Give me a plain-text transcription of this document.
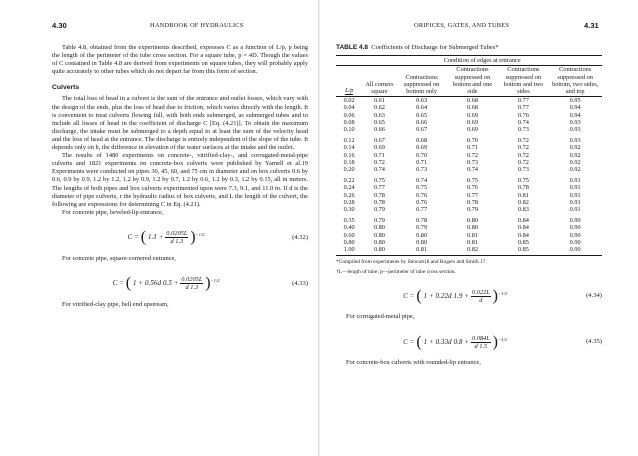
4.30	HANDBOOK OF HYDRAULICS

Table 4.8, obtained from the experiments described, expresses C as a function of L/p, p being the length of the perimeter of the tube cross section. For a square tube, p = 4D. Though the values of C contained in Table 4.8 are derived from experiments on square tubes, they will probably apply quite accurately to other tubes which do not depart far from this form of section.

Culverts

The total loss of head in a culvert is the sum of the entrance and outlet losses, which vary with the design of the ends, plus the loss of head due to friction, which varies directly with the length. It is convenient to treat culverts flowing full, with both ends submerged, as submerged tubes and to include all losses of head in the coefficient of discharge C [Eq. (4.21)]. To obtain the maximum discharge, the intake must be submerged to a depth equal to at least the sum of the velocity head and the loss of head at the entrance. The discharge is entirely independent of the slope of the tube. It depends only on h, the difference in elevation of the water surfaces at the intake and the outlet.

The results of 1480 experiments on concrete-, vitrified-clay-, and corrugated-metal-pipe culverts and 1821 experiments on concrete-box culverts were published by Yarnell et al.19 Experiments were conducted on pipes 30, 45, 60, and 75 cm in diameter and on box culverts 0.6 by 0.6, 0.9 by 0.9, 1.2 by 1.2, 1.2 by 0.9, 1.2 by 0.7, 1.2 by 0.6, 1.2 by 0.3, 1.2 by 0.15, all in meters. The lengths of both pipes and box culverts experimented upon were 7.3, 9.1, and 11.0 m. If d is the diameter of pipe culverts, r the hydraulic radius of box culverts, and L the length of the culvert, the following are expressions for determining C in Eq. (4.21).

For concrete pipe, beveled-lip entrance,

C = ( $1.1 + \frac{0.0205L}{d 1.3} )^{-1/2}$	(4.32)

For concrete pipe, square-cornered entrance,

C = ( 1 + 0.56d $0.5 + \frac{0.0205L}{d 1.3} )^{-1/2}$	(4.33)

For vitrified-clay pipe, bell end upstream,

ORIFICES, GATES, AND TUBES	4.31
TABLE 4.8 Coefficients of Discharge for Submerged Tubes*
	Condition of edges at entrance				
L/p	All corners square	Contractions suppressed on bottom only	Contractions suppressed on bottom and one side	Contractions suppressed on bottom and two sides	Contractions suppressed on bottom, two sides, and top
0.02	0.61	0.63	0.68	0.77	0.95
0.04	0.62	0.64	0.68	0.77	0.94
0.06	0.63	0.65	0.69	0.76	0.94
0.08	0.65	0.66	0.69	0.74	0.93
0.10	0.66	0.67	0.69	0.73	0.93
0.12	0.67	0.68	0.70	0.72	0.93
0.14	0.69	0.69	0.71	0.72	0.92
0.16	0.71	0.70	0.72	0.72	0.92
0.18	0.72	0.71	0.73	0.72	0.92
0.20	0.74	0.73	0.74	0.73	0.92
0.22	0.75	0.74	0.75	0.75	0.91
0.24	0.77	0.75	0.76	0.78	0.91
0.26	0.78	0.76	0.77	0.81	0.91
0.28	0.78	0.76	0.78	0.82	0.91
0.30	0.79	0.77	0.79	0.83	0.91
0.35	0.79	0.78	0.80	0.84	0.90
0.40	0.80	0.79	0.80	0.84	0.90
0.60	0.80	0.80	0.81	0.84	0.90
0.80	0.80	0.80	0.81	0.85	0.90
1.00	0.80	0.81	0.82	0.85	0.90

*Compiled from experiments by Stewart18 and Rogers and Smith.17

†L—length of tube; p—perimeter of tube cross section.

C = ( 1 + 0.22d $1.9 + \frac{0.022L}{d} )^{-1/2}$	(4.34)

For corrugated-metal pipe,

C = ( 1 + 0.33d $0.8 + \frac{0.084L}{d 1.5} )^{-1/2}$	(4.35)

For concrete-box culverts with rounded-lip entrance,
